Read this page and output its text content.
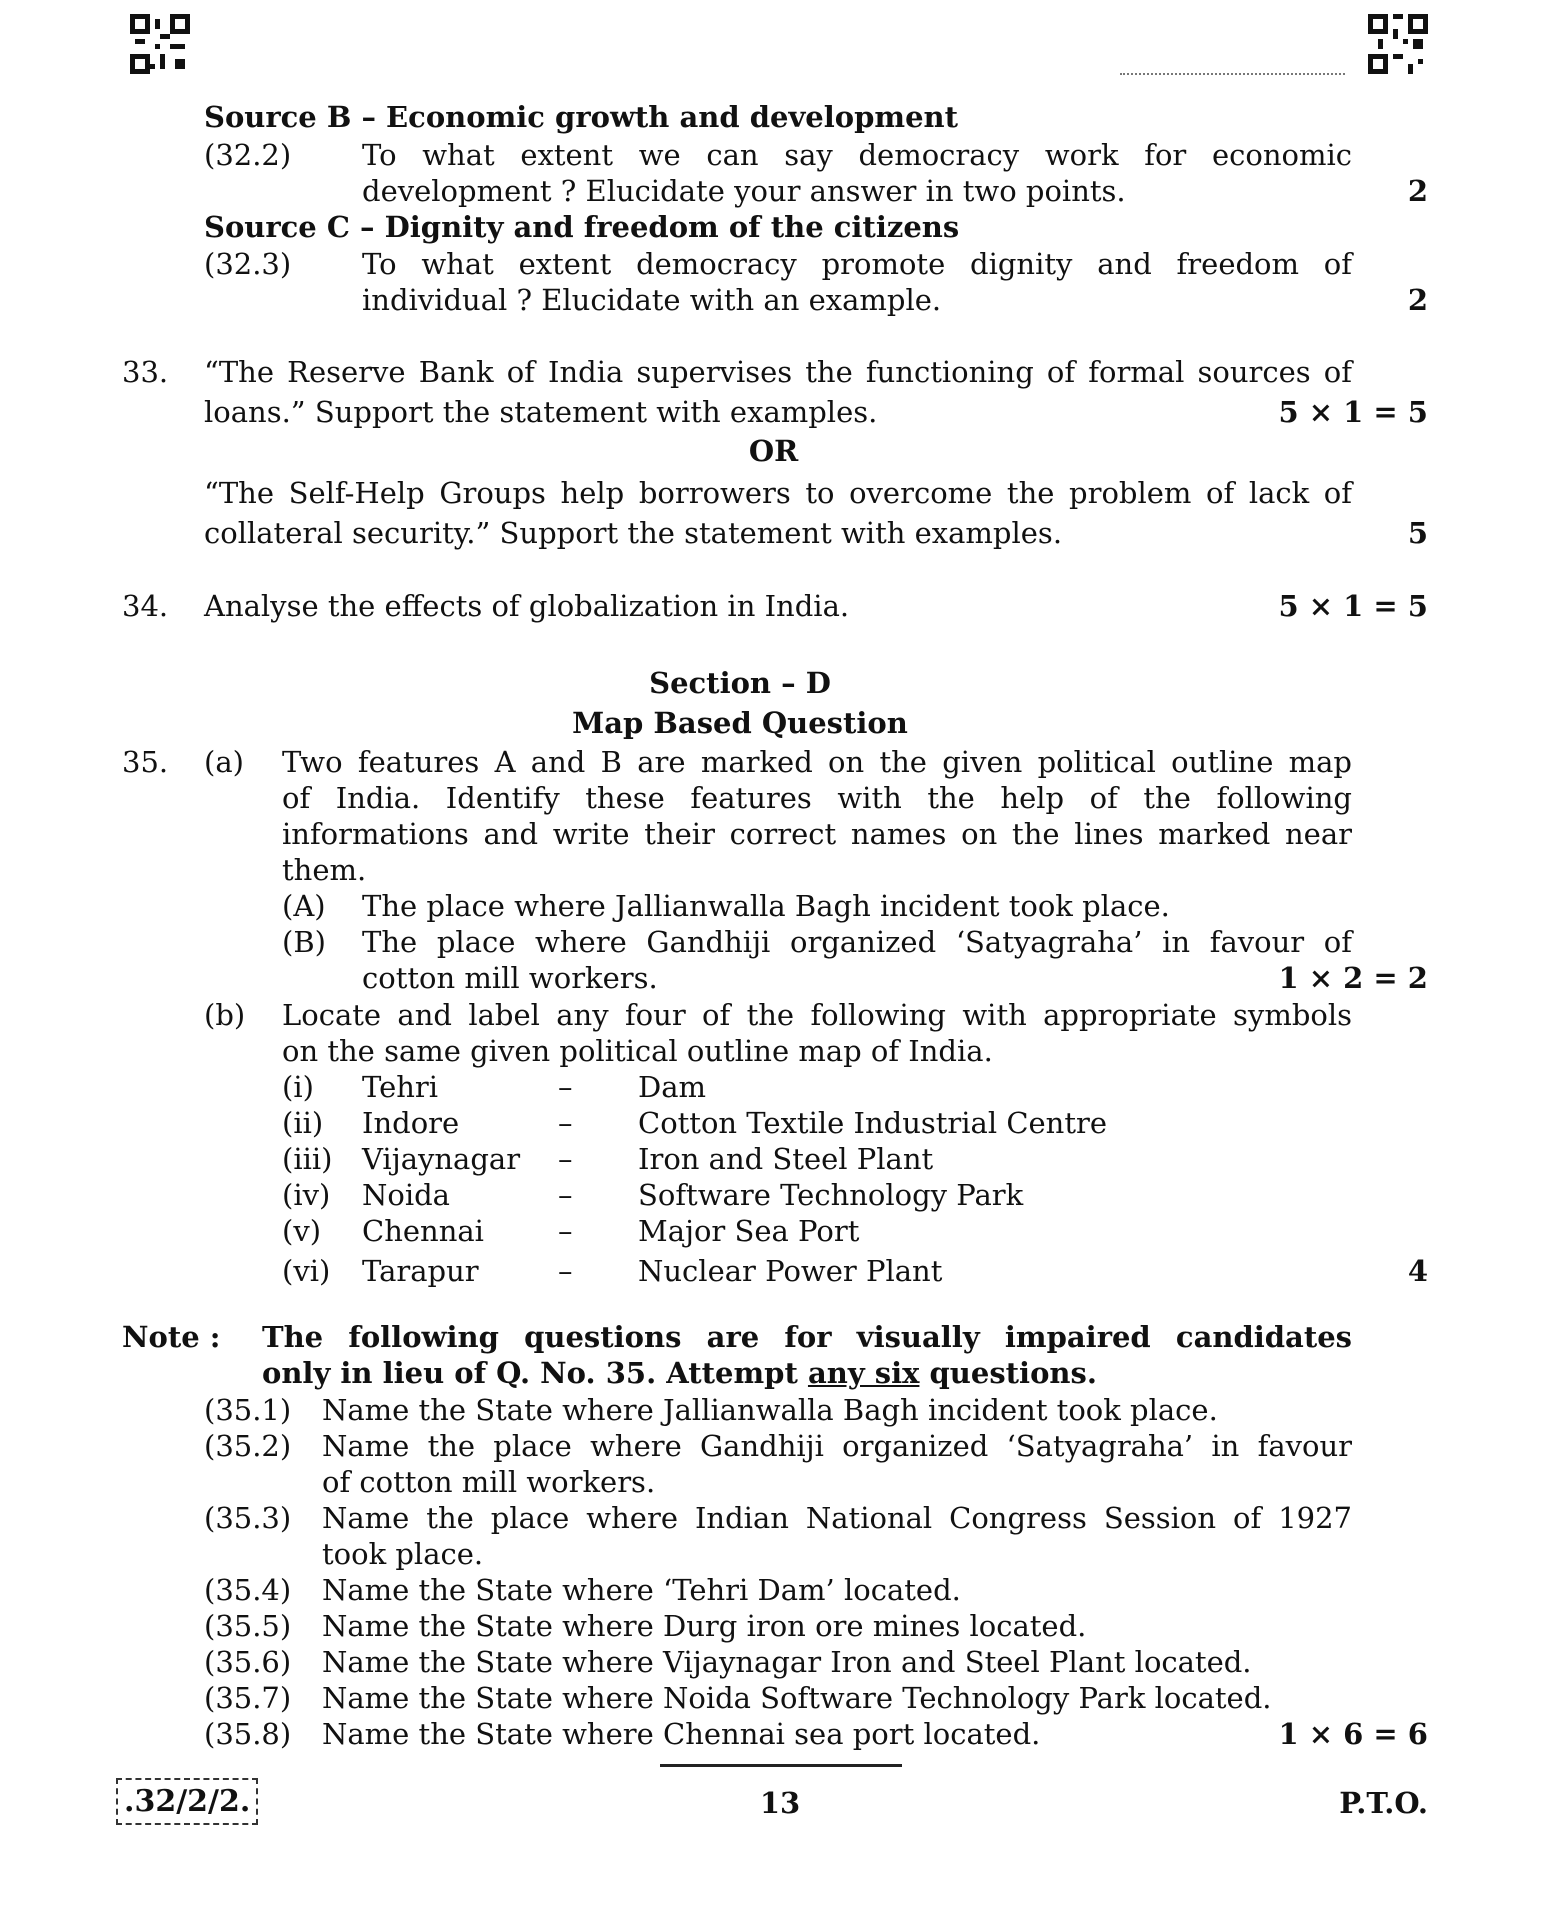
Source B – Economic growth and development
(32.2) To what extent we can say democracy work for economic
development ? Elucidate your answer in two points.	2
Source C – Dignity and freedom of the citizens
(32.3) To what extent democracy promote dignity and freedom of
individual ? Elucidate with an example.	2
33. “The Reserve Bank of India supervises the functioning of formal sources of
loans.” Support the statement with examples.	5 × 1 = 5
OR
“The Self-Help Groups help borrowers to overcome the problem of lack of
collateral security.” Support the statement with examples.	5
34. Analyse the effects of globalization in India.	5 × 1 = 5
Section – D
Map Based Question
35. (a) Two features A and B are marked on the given political outline map
of India. Identify these features with the help of the following
informations and write their correct names on the lines marked near
them.
(A) The place where Jallianwalla Bagh incident took place.
(B) The place where Gandhiji organized ‘Satyagraha’ in favour of
cotton mill workers.	1 × 2 = 2
(b) Locate and label any four of the following with appropriate symbols
on the same given political outline map of India.
(i) Tehri	– Dam
(ii) Indore	– Cotton Textile Industrial Centre
(iii) Vijaynagar – Iron and Steel Plant
(iv) Noida	– Software Technology Park
(v) Chennai	– Major Sea Port
(vi) Tarapur	– Nuclear Power Plant	4
Note : The following questions are for visually impaired candidates
only in lieu of Q. No. 35. Attempt any six questions.
(35.1) Name the State where Jallianwalla Bagh incident took place.
(35.2) Name the place where Gandhiji organized ‘Satyagraha’ in favour
of cotton mill workers.
(35.3) Name the place where Indian National Congress Session of 1927
took place.
(35.4) Name the State where ‘Tehri Dam’ located.
(35.5) Name the State where Durg iron ore mines located.
(35.6) Name the State where Vijaynagar Iron and Steel Plant located.
(35.7) Name the State where Noida Software Technology Park located.
(35.8) Name the State where Chennai sea port located.	1 × 6 = 6
.32/2/2.	13	P.T.O.
